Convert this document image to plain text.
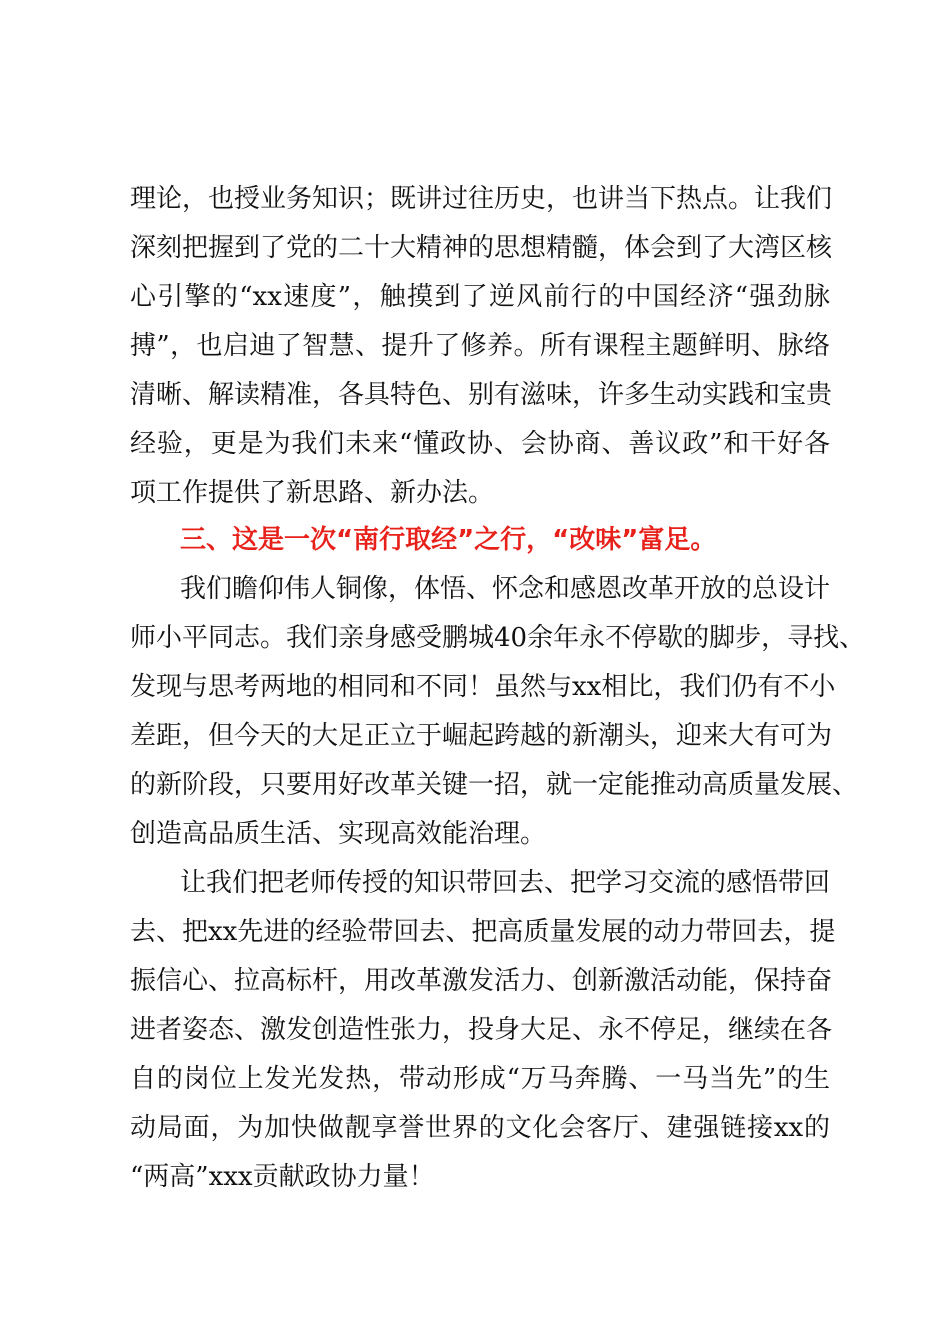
理论，也授业务知识；既讲过往历史，也讲当下热点。让我们
深刻把握到了党的二十大精神的思想精髓，体会到了大湾区核
心引擎的“xx速度”，触摸到了逆风前行的中国经济“强劲脉
搏”，也启迪了智慧、提升了修养。所有课程主题鲜明、脉络
清晰、解读精准，各具特色、别有滋味，许多生动实践和宝贵
经验，更是为我们未来“懂政协、会协商、善议政”和干好各
项工作提供了新思路、新办法。
三、这是一次“南行取经”之行，“改味”富足。
我们瞻仰伟人铜像，体悟、怀念和感恩改革开放的总设计
师小平同志。我们亲身感受鹏城40余年永不停歇的脚步，寻找、
发现与思考两地的相同和不同！虽然与xx相比，我们仍有不小
差距，但今天的大足正立于崛起跨越的新潮头，迎来大有可为
的新阶段，只要用好改革关键一招，就一定能推动高质量发展、
创造高品质生活、实现高效能治理。
让我们把老师传授的知识带回去、把学习交流的感悟带回
去、把xx先进的经验带回去、把高质量发展的动力带回去，提
振信心、拉高标杆，用改革激发活力、创新激活动能，保持奋
进者姿态、激发创造性张力，投身大足、永不停足，继续在各
自的岗位上发光发热，带动形成“万马奔腾、一马当先”的生
动局面，为加快做靓享誉世界的文化会客厅、建强链接xx的
“两高”xxx贡献政协力量！
